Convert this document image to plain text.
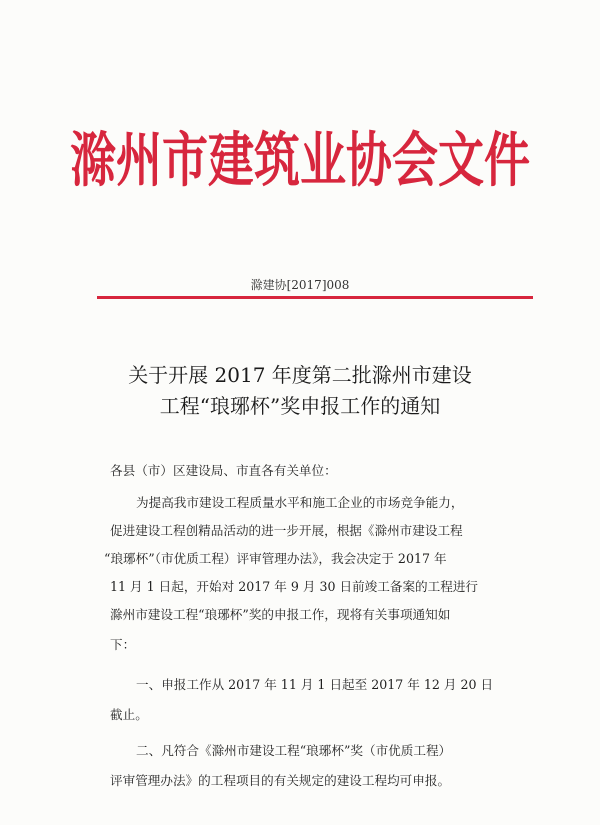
滁州市建筑业协会文件
滁建协[2017]008
关于开展 2017 年度第二批滁州市建设
工程“琅琊杯”奖申报工作的通知
各县（市）区建设局、市直各有关单位：
为提高我市建设工程质量水平和施工企业的市场竞争能力，
促进建设工程创精品活动的进一步开展，根据《滁州市建设工程
“琅琊杯”（市优质工程）评审管理办法》，我会决定于 2017 年
11 月 1 日起，开始对 2017 年 9 月 30 日前竣工备案的工程进行
滁州市建设工程“琅琊杯”奖的申报工作，现将有关事项通知如
下：
一、申报工作从 2017 年 11 月 1 日起至 2017 年 12 月 20 日
截止。
二、凡符合《滁州市建设工程“琅琊杯”奖（市优质工程）
评审管理办法》的工程项目的有关规定的建设工程均可申报。
